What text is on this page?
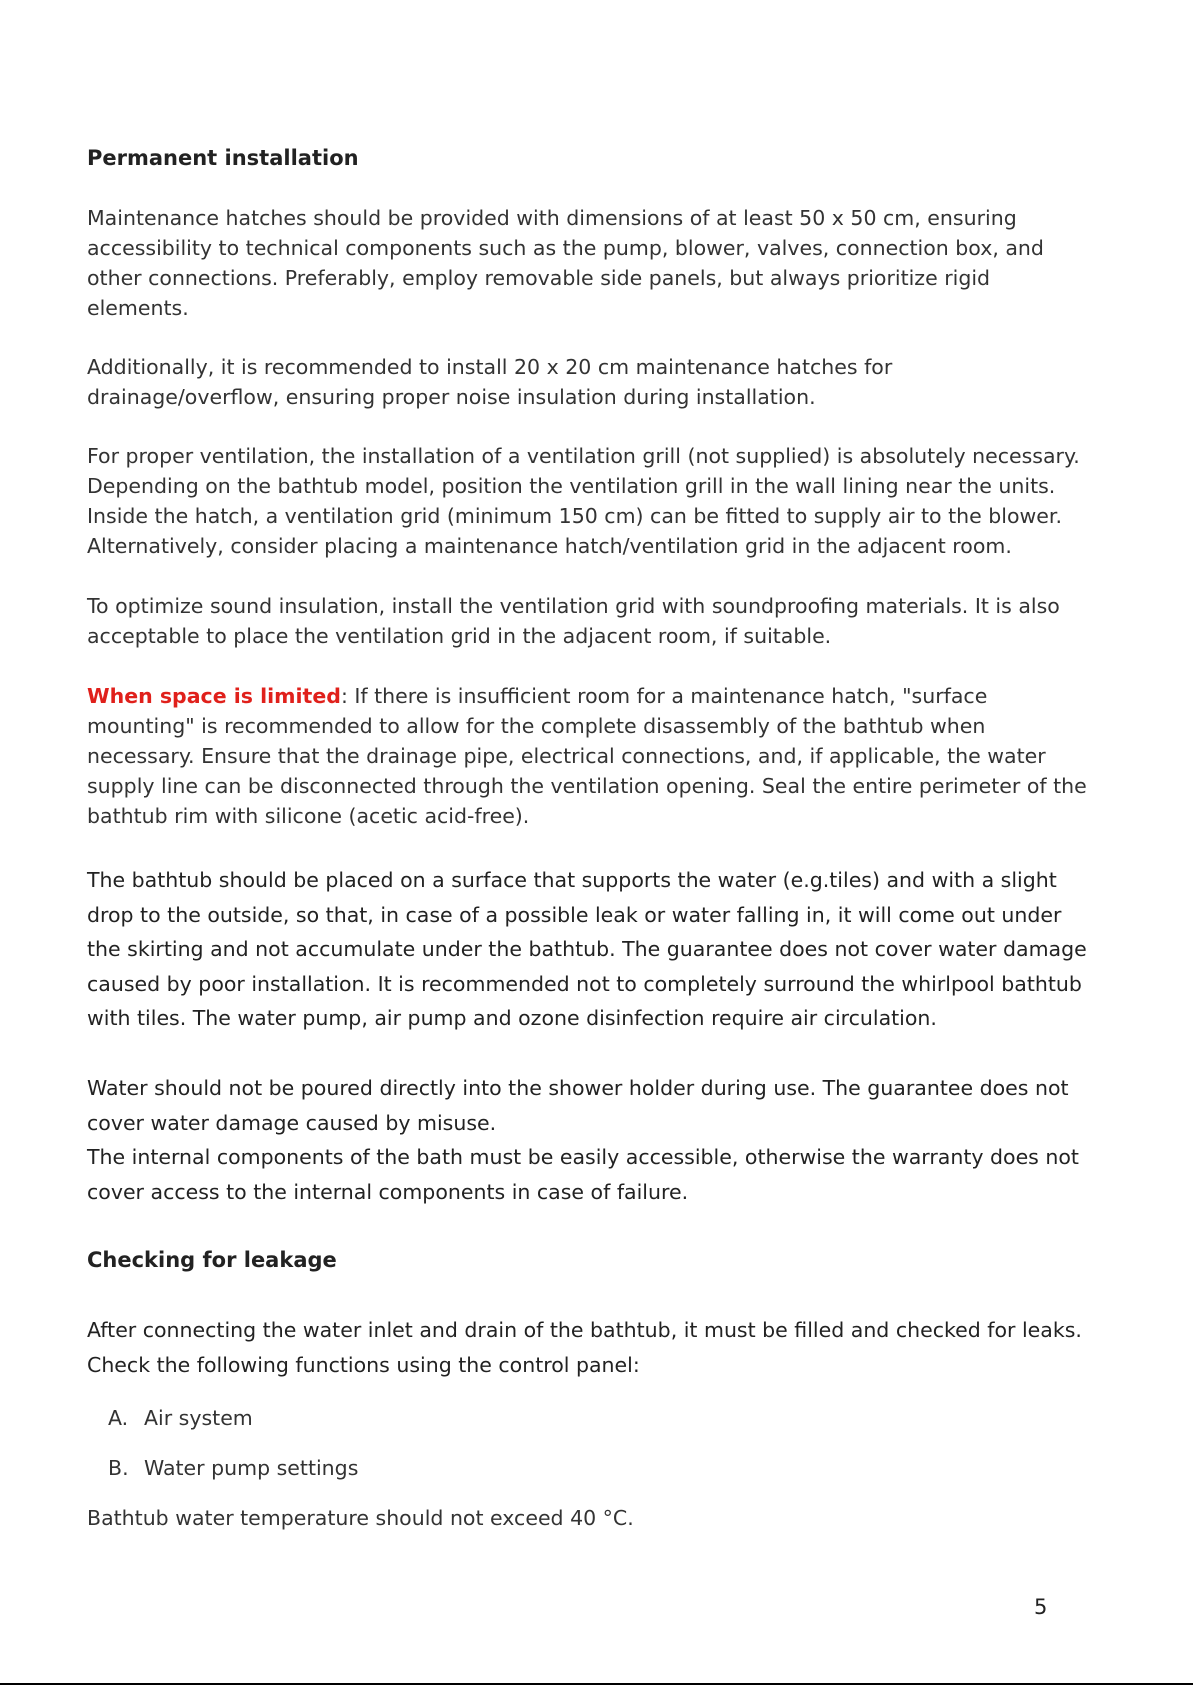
Permanent installation

Maintenance hatches should be provided with dimensions of at least 50 x 50 cm, ensuring accessibility to technical components such as the pump, blower, valves, connection box, and other connections. Preferably, employ removable side panels, but always prioritize rigid elements.

Additionally, it is recommended to install 20 x 20 cm maintenance hatches for drainage/overflow, ensuring proper noise insulation during installation.

For proper ventilation, the installation of a ventilation grill (not supplied) is absolutely necessary. Depending on the bathtub model, position the ventilation grill in the wall lining near the units. Inside the hatch, a ventilation grid (minimum 150 cm) can be fitted to supply air to the blower. Alternatively, consider placing a maintenance hatch/ventilation grid in the adjacent room.

To optimize sound insulation, install the ventilation grid with soundproofing materials. It is also acceptable to place the ventilation grid in the adjacent room, if suitable.

When space is limited: If there is insufficient room for a maintenance hatch, "surface mounting" is recommended to allow for the complete disassembly of the bathtub when necessary. Ensure that the drainage pipe, electrical connections, and, if applicable, the water supply line can be disconnected through the ventilation opening. Seal the entire perimeter of the bathtub rim with silicone (acetic acid-free).

The bathtub should be placed on a surface that supports the water (e.g.tiles) and with a slight drop to the outside, so that, in case of a possible leak or water falling in, it will come out under the skirting and not accumulate under the bathtub. The guarantee does not cover water damage caused by poor installation. It is recommended not to completely surround the whirlpool bathtub with tiles. The water pump, air pump and ozone disinfection require air circulation.

Water should not be poured directly into the shower holder during use. The guarantee does not cover water damage caused by misuse.

The internal components of the bath must be easily accessible, otherwise the warranty does not cover access to the internal components in case of failure.

Checking for leakage

After connecting the water inlet and drain of the bathtub, it must be filled and checked for leaks. Check the following functions using the control panel:

A. Air system
B. Water pump settings

Bathtub water temperature should not exceed 40 °C.

5
